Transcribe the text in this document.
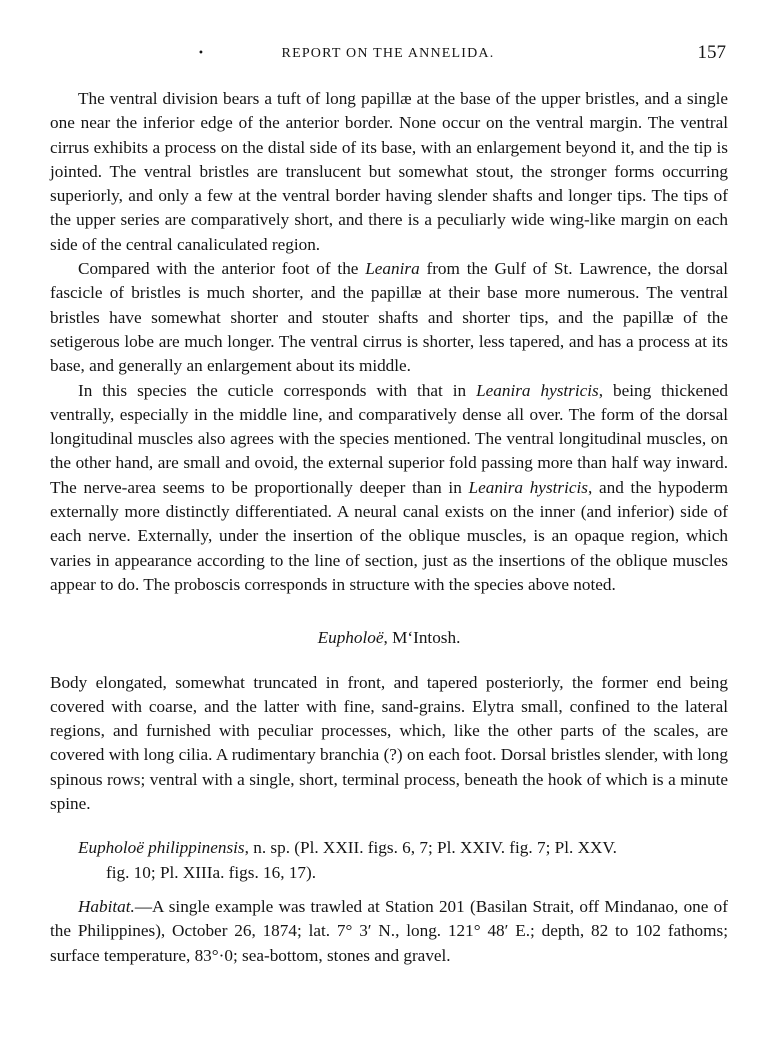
•	REPORT ON THE ANNELIDA.	157

The ventral division bears a tuft of long papillæ at the base of the upper bristles, and a single one near the inferior edge of the anterior border. None occur on the ventral margin. The ventral cirrus exhibits a process on the distal side of its base, with an enlargement beyond it, and the tip is jointed. The ventral bristles are translucent but somewhat stout, the stronger forms occurring superiorly, and only a few at the ventral border having slender shafts and longer tips. The tips of the upper series are comparatively short, and there is a peculiarly wide wing-like margin on each side of the central canaliculated region.

Compared with the anterior foot of the Leanira from the Gulf of St. Lawrence, the dorsal fascicle of bristles is much shorter, and the papillæ at their base more numerous. The ventral bristles have somewhat shorter and stouter shafts and shorter tips, and the papillæ of the setigerous lobe are much longer. The ventral cirrus is shorter, less tapered, and has a process at its base, and generally an enlargement about its middle.

In this species the cuticle corresponds with that in Leanira hystricis, being thickened ventrally, especially in the middle line, and comparatively dense all over. The form of the dorsal longitudinal muscles also agrees with the species mentioned. The ventral longitudinal muscles, on the other hand, are small and ovoid, the external superior fold passing more than half way inward. The nerve-area seems to be proportionally deeper than in Leanira hystricis, and the hypoderm externally more distinctly differentiated. A neural canal exists on the inner (and inferior) side of each nerve. Externally, under the insertion of the oblique muscles, is an opaque region, which varies in appearance according to the line of section, just as the insertions of the oblique muscles appear to do. The proboscis corresponds in structure with the species above noted.

Eupholoë, M‘Intosh.

Body elongated, somewhat truncated in front, and tapered posteriorly, the former end being covered with coarse, and the latter with fine, sand-grains. Elytra small, confined to the lateral regions, and furnished with peculiar processes, which, like the other parts of the scales, are covered with long cilia. A rudimentary branchia (?) on each foot. Dorsal bristles slender, with long spinous rows; ventral with a single, short, terminal process, beneath the hook of which is a minute spine.

Eupholoë philippinensis, n. sp. (Pl. XXII. figs. 6, 7; Pl. XXIV. fig. 7; Pl. XXV.
fig. 10; Pl. XIIIa. figs. 16, 17).

Habitat.—A single example was trawled at Station 201 (Basilan Strait, off Mindanao, one of the Philippines), October 26, 1874; lat. 7° 3′ N., long. 121° 48′ E.; depth, 82 to 102 fathoms; surface temperature, 83°·0; sea-bottom, stones and gravel.
